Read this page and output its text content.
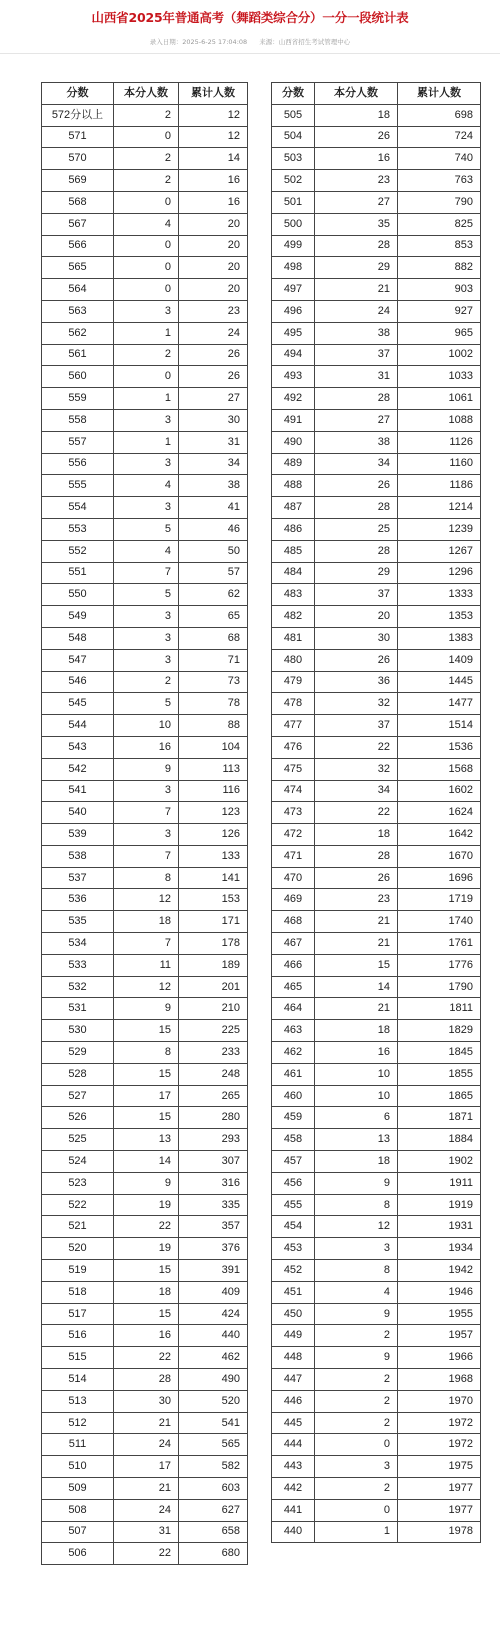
山西省2025年普通高考（舞蹈类综合分）一分一段统计表
录入日期：2025-6-25 17:04:08 来源：山西省招生考试管理中心
分数	本分人数	累计人数
572分以上	2	12
571	0	12
570	2	14
569	2	16
568	0	16
567	4	20
566	0	20
565	0	20
564	0	20
563	3	23
562	1	24
561	2	26
560	0	26
559	1	27
558	3	30
557	1	31
556	3	34
555	4	38
554	3	41
553	5	46
552	4	50
551	7	57
550	5	62
549	3	65
548	3	68
547	3	71
546	2	73
545	5	78
544	10	88
543	16	104
542	9	113
541	3	116
540	7	123
539	3	126
538	7	133
537	8	141
536	12	153
535	18	171
534	7	178
533	11	189
532	12	201
531	9	210
530	15	225
529	8	233
528	15	248
527	17	265
526	15	280
525	13	293
524	14	307
523	9	316
522	19	335
521	22	357
520	19	376
519	15	391
518	18	409
517	15	424
516	16	440
515	22	462
514	28	490
513	30	520
512	21	541
511	24	565
510	17	582
509	21	603
508	24	627
507	31	658
506	22	680
分数	本分人数	累计人数
505	18	698
504	26	724
503	16	740
502	23	763
501	27	790
500	35	825
499	28	853
498	29	882
497	21	903
496	24	927
495	38	965
494	37	1002
493	31	1033
492	28	1061
491	27	1088
490	38	1126
489	34	1160
488	26	1186
487	28	1214
486	25	1239
485	28	1267
484	29	1296
483	37	1333
482	20	1353
481	30	1383
480	26	1409
479	36	1445
478	32	1477
477	37	1514
476	22	1536
475	32	1568
474	34	1602
473	22	1624
472	18	1642
471	28	1670
470	26	1696
469	23	1719
468	21	1740
467	21	1761
466	15	1776
465	14	1790
464	21	1811
463	18	1829
462	16	1845
461	10	1855
460	10	1865
459	6	1871
458	13	1884
457	18	1902
456	9	1911
455	8	1919
454	12	1931
453	3	1934
452	8	1942
451	4	1946
450	9	1955
449	2	1957
448	9	1966
447	2	1968
446	2	1970
445	2	1972
444	0	1972
443	3	1975
442	2	1977
441	0	1977
440	1	1978
